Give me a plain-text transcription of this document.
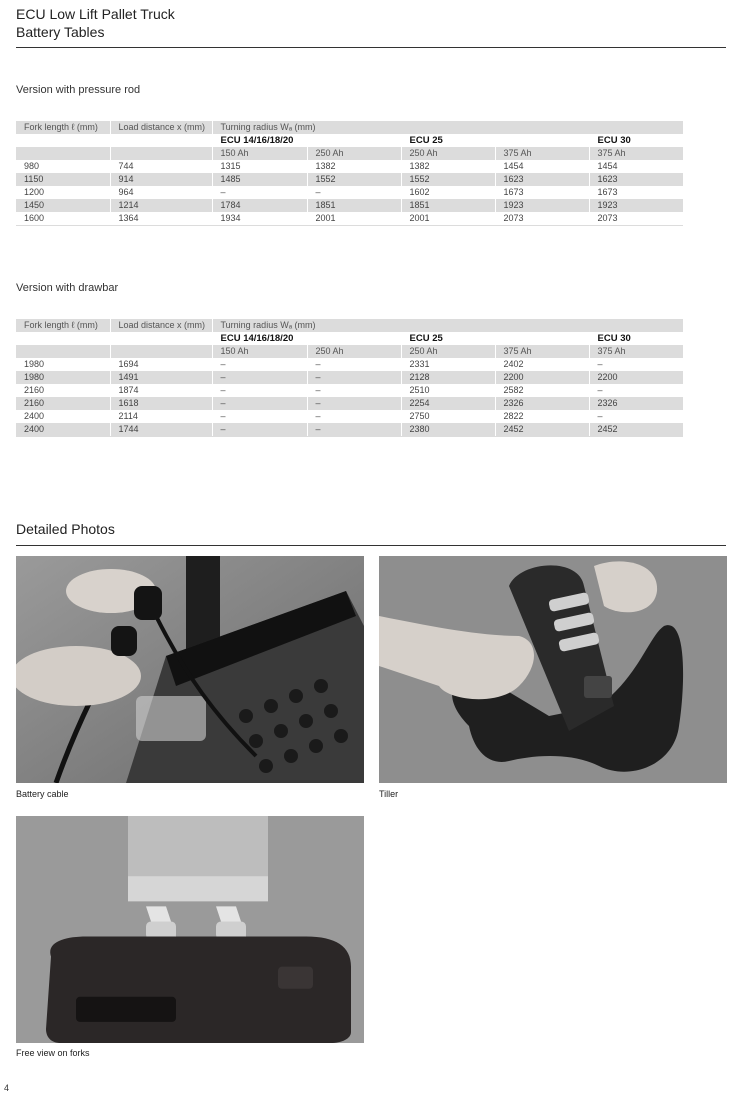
ECU Low Lift Pallet Truck
Battery Tables
Version with pressure rod
Fork length ℓ (mm)	Load distance x (mm)	Turning radius Wₐ (mm)				
		ECU 14/16/18/20		ECU 25		ECU 30
		150 Ah	250 Ah	250 Ah	375 Ah	375 Ah
980	744	1315	1382	1382	1454	1454
1150	914	1485	1552	1552	1623	1623
1200	964	–	–	1602	1673	1673
1450	1214	1784	1851	1851	1923	1923
1600	1364	1934	2001	2001	2073	2073
Version with drawbar
Fork length ℓ (mm)	Load distance x (mm)	Turning radius Wₐ (mm)				
		ECU 14/16/18/20		ECU 25		ECU 30
		150 Ah	250 Ah	250 Ah	375 Ah	375 Ah
1980	1694	–	–	2331	2402	–
1980	1491	–	–	2128	2200	2200
2160	1874	–	–	2510	2582	–
2160	1618	–	–	2254	2326	2326
2400	2114	–	–	2750	2822	–
2400	1744	–	–	2380	2452	2452
Detailed Photos
Battery cable	Tiller
Free view on forks
4
